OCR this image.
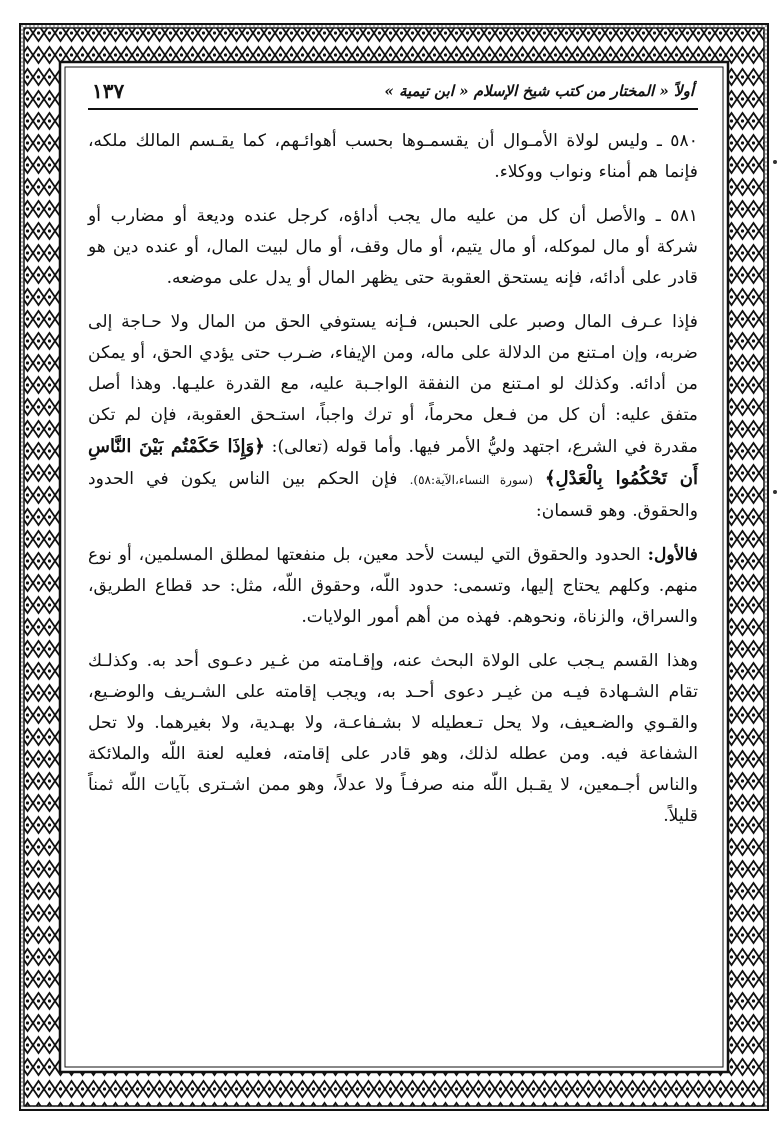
أولاً « المختار من كتب شيخ الإسلام « ابن تيمية »
١٣٧

٥٨٠ ـ وليس لولاة الأمـوال أن يقسمـوها بحسب أهوائـهم، كما يقـسم المالك ملكه، فإنما هم أمناء ونواب ووكلاء.

٥٨١ ـ والأصل أن كل من عليه مال يجب أداؤه، كرجل عنده وديعة أو مضارب أو شركة أو مال لموكله، أو مال يتيم، أو مال وقف، أو مال لبيت المال، أو عنده دين هو قادر على أدائه، فإنه يستحق العقوبة حتى يظهر المال أو يدل على موضعه.

فإذا عـرف المال وصبر على الحبس، فـإنه يستوفي الحق من المال ولا حـاجة إلى ضربه، وإن امـتنع من الدلالة على ماله، ومن الإيفاء، ضـرب حتى يؤدي الحق، أو يمكن من أدائه. وكذلك لو امـتنع من النفقة الواجـبة عليه، مع القدرة عليـها. وهذا أصل متفق عليه: أن كل من فـعل محرماً، أو ترك واجباً، استـحق العقوبة، فإن لم تكن مقدرة في الشرع، اجتهد وليُّ الأمر فيها. وأما قوله (تعالى): ﴿وَإِذَا حَكَمْتُم بَيْنَ النَّاسِ أَن تَحْكُمُوا بِالْعَدْلِ﴾ (سورة النساء،الآية:٥٨). فإن الحكم بين الناس يكون في الحدود والحقوق. وهو قسمان:

فالأول: الحدود والحقوق التي ليست لأحد معين، بل منفعتها لمطلق المسلمين، أو نوع منهم. وكلهم يحتاج إليها، وتسمى: حدود اللّه، وحقوق اللّه، مثل: حد قطاع الطريق، والسراق، والزناة، ونحوهم. فهذه من أهم أمور الولايات.

وهذا القسم يـجب على الولاة البحث عنه، وإقـامته من غـير دعـوى أحد به. وكذلـك تقام الشـهادة فيـه من غيـر دعوى أحـد به، ويجب إقامته على الشـريف والوضـيع، والقـوي والضـعيف، ولا يحل تـعطيله لا بشـفاعـة، ولا بهـدية، ولا بغيرهما. ولا تحل الشفاعة فيه. ومن عطله لذلك، وهو قادر على إقامته، فعليه لعنة اللّه والملائكة والناس أجـمعين، لا يقـبل اللّه منه صرفـاً ولا عدلاً، وهو ممن اشـترى بآيات اللّه ثمناً قليلاً.
